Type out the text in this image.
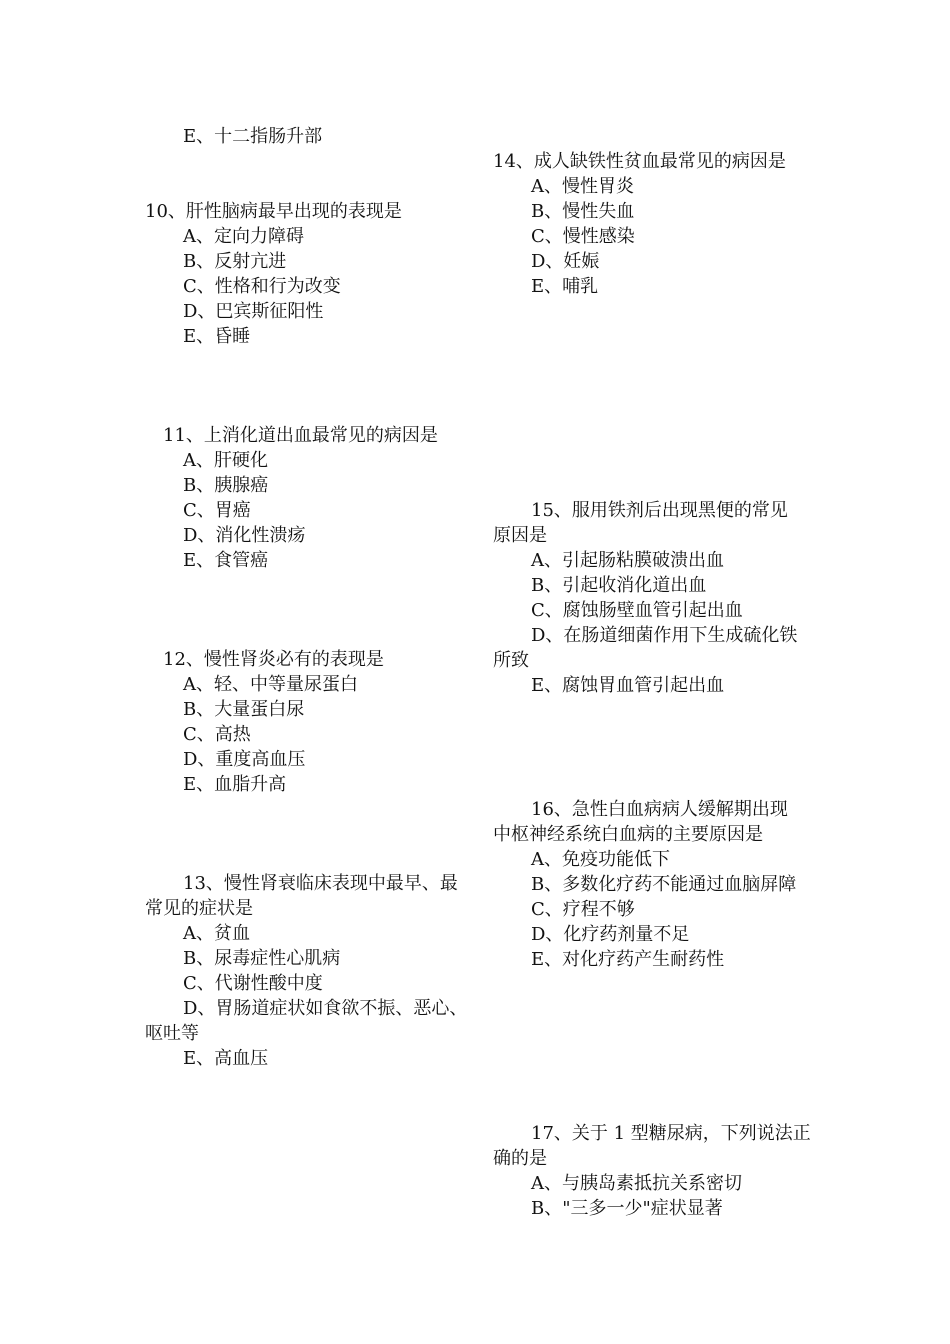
E、十二指肠升部
10、肝性脑病最早出现的表现是
A、定向力障碍
B、反射亢进
C、性格和行为改变
D、巴宾斯征阳性
E、昏睡
11、上消化道出血最常见的病因是
A、肝硬化
B、胰腺癌
C、胃癌
D、消化性溃疡
E、食管癌
12、慢性肾炎必有的表现是
A、轻、中等量尿蛋白
B、大量蛋白尿
C、高热
D、重度高血压
E、血脂升高
13、慢性肾衰临床表现中最早、最
常见的症状是
A、贫血
B、尿毒症性心肌病
C、代谢性酸中度
D、胃肠道症状如食欲不振、恶心、
呕吐等
E、高血压
14、成人缺铁性贫血最常见的病因是
A、慢性胃炎
B、慢性失血
C、慢性感染
D、妊娠
E、哺乳
15、服用铁剂后出现黑便的常见
原因是
A、引起肠粘膜破溃出血
B、引起收消化道出血
C、腐蚀肠壁血管引起出血
D、在肠道细菌作用下生成硫化铁
所致
E、腐蚀胃血管引起出血
16、急性白血病病人缓解期出现
中枢神经系统白血病的主要原因是
A、免疫功能低下
B、多数化疗药不能通过血脑屏障
C、疗程不够
D、化疗药剂量不足
E、对化疗药产生耐药性
17、关于 1 型糖尿病，下列说法正
确的是
A、与胰岛素抵抗关系密切
B、"三多一少"症状显著
